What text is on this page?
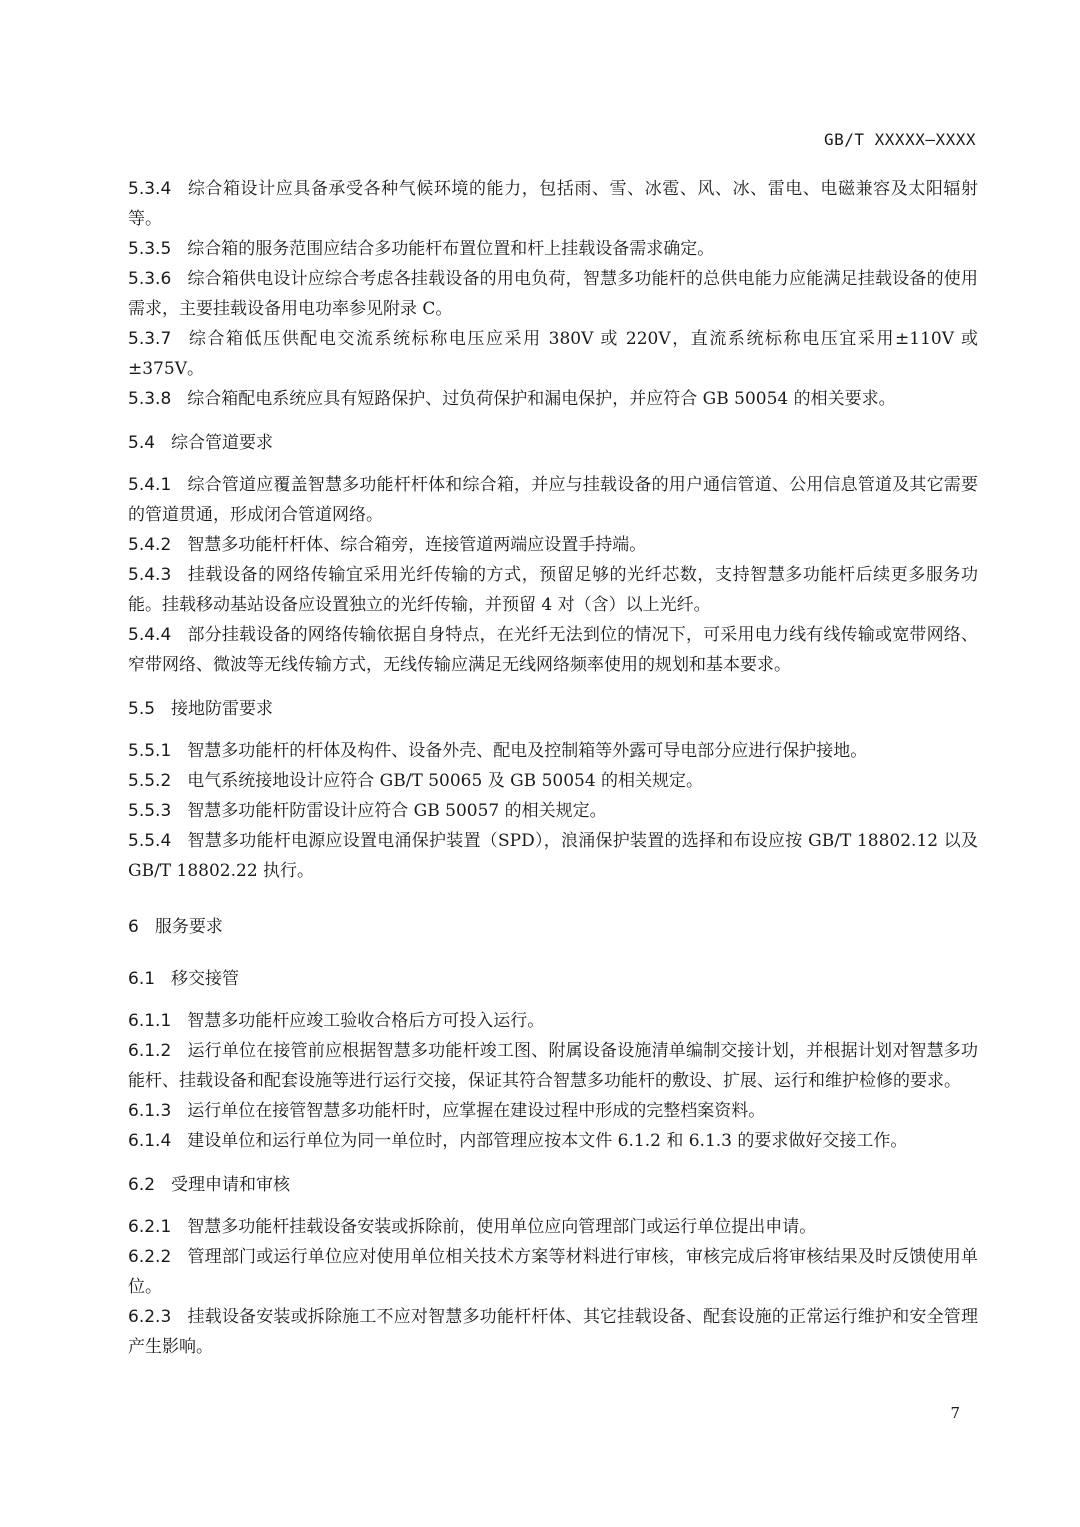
GB/T XXXXX—XXXX

5.3.4 综合箱设计应具备承受各种气候环境的能力，包括雨、雪、冰雹、风、冰、雷电、电磁兼容及太阳辐射等。

5.3.5 综合箱的服务范围应结合多功能杆布置位置和杆上挂载设备需求确定。

5.3.6 综合箱供电设计应综合考虑各挂载设备的用电负荷，智慧多功能杆的总供电能力应能满足挂载设备的使用需求，主要挂载设备用电功率参见附录 C。

5.3.7 综合箱低压供配电交流系统标称电压应采用 380V 或 220V，直流系统标称电压宜采用±110V 或±375V。

5.3.8 综合箱配电系统应具有短路保护、过负荷保护和漏电保护，并应符合 GB 50054 的相关要求。

5.4 综合管道要求

5.4.1 综合管道应覆盖智慧多功能杆杆体和综合箱，并应与挂载设备的用户通信管道、公用信息管道及其它需要的管道贯通，形成闭合管道网络。

5.4.2 智慧多功能杆杆体、综合箱旁，连接管道两端应设置手持端。

5.4.3 挂载设备的网络传输宜采用光纤传输的方式，预留足够的光纤芯数，支持智慧多功能杆后续更多服务功能。挂载移动基站设备应设置独立的光纤传输，并预留 4 对（含）以上光纤。

5.4.4 部分挂载设备的网络传输依据自身特点，在光纤无法到位的情况下，可采用电力线有线传输或宽带网络、窄带网络、微波等无线传输方式，无线传输应满足无线网络频率使用的规划和基本要求。

5.5 接地防雷要求

5.5.1 智慧多功能杆的杆体及构件、设备外壳、配电及控制箱等外露可导电部分应进行保护接地。

5.5.2 电气系统接地设计应符合 GB/T 50065 及 GB 50054 的相关规定。

5.5.3 智慧多功能杆防雷设计应符合 GB 50057 的相关规定。

5.5.4 智慧多功能杆电源应设置电涌保护装置（SPD），浪涌保护装置的选择和布设应按 GB/T 18802.12 以及 GB/T 18802.22 执行。

6 服务要求

6.1 移交接管

6.1.1 智慧多功能杆应竣工验收合格后方可投入运行。

6.1.2 运行单位在接管前应根据智慧多功能杆竣工图、附属设备设施清单编制交接计划，并根据计划对智慧多功能杆、挂载设备和配套设施等进行运行交接，保证其符合智慧多功能杆的敷设、扩展、运行和维护检修的要求。

6.1.3 运行单位在接管智慧多功能杆时，应掌握在建设过程中形成的完整档案资料。

6.1.4 建设单位和运行单位为同一单位时，内部管理应按本文件 6.1.2 和 6.1.3 的要求做好交接工作。

6.2 受理申请和审核

6.2.1 智慧多功能杆挂载设备安装或拆除前，使用单位应向管理部门或运行单位提出申请。

6.2.2 管理部门或运行单位应对使用单位相关技术方案等材料进行审核，审核完成后将审核结果及时反馈使用单位。

6.2.3 挂载设备安装或拆除施工不应对智慧多功能杆杆体、其它挂载设备、配套设施的正常运行维护和安全管理产生影响。

7
